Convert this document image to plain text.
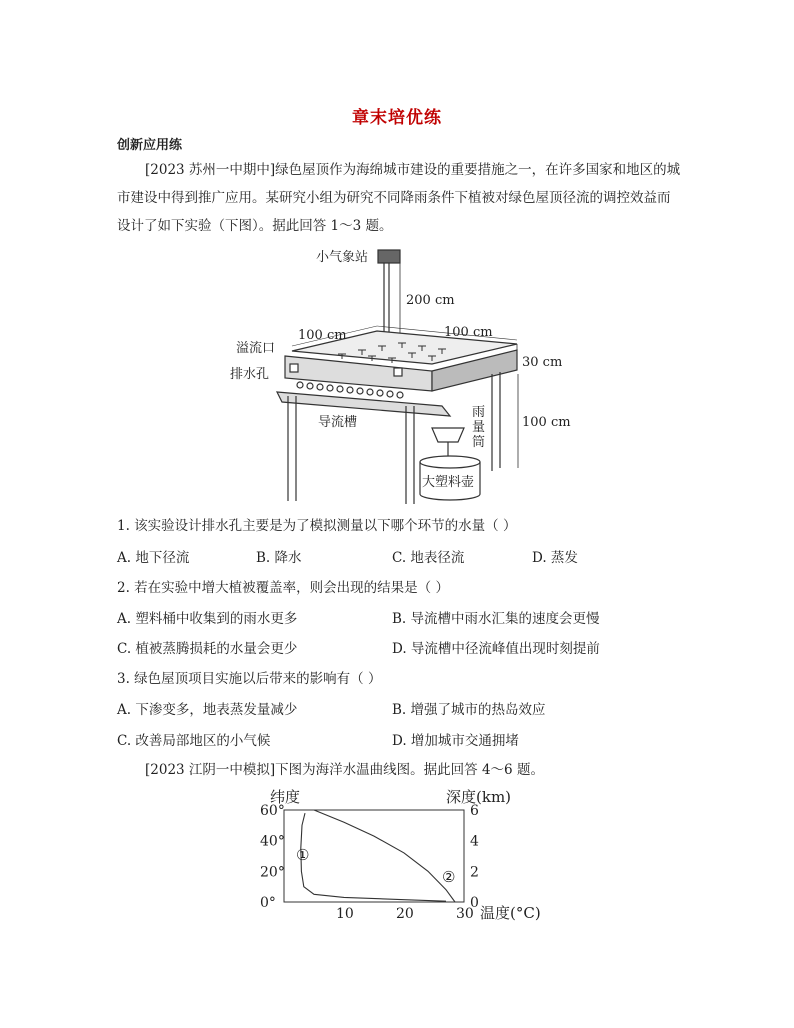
章末培优练
创新应用练
[2023 苏州一中期中]绿色屋顶作为海绵城市建设的重要措施之一，在许多国家和地区的城
市建设中得到推广应用。某研究小组为研究不同降雨条件下植被对绿色屋顶径流的调控效益而
设计了如下实验（下图）。据此回答 1～3 题。
小气象站
200 cm
100 cm	100 cm
30 cm
100 cm
溢流口
排水孔
导流槽
雨
量
筒
大塑料壶
1. 该实验设计排水孔主要是为了模拟测量以下哪个环节的水量（ ）
A. 地下径流	B. 降水	C. 地表径流	D. 蒸发
2. 若在实验中增大植被覆盖率，则会出现的结果是（ ）
A. 塑料桶中收集到的雨水更多	B. 导流槽中雨水汇集的速度会更慢
C. 植被蒸腾损耗的水量会更少	D. 导流槽中径流峰值出现时刻提前
3. 绿色屋顶项目实施以后带来的影响有（ ）
A. 下渗变多，地表蒸发量减少	B. 增强了城市的热岛效应
C. 改善局部地区的小气候	D. 增加城市交通拥堵
[2023 江阴一中模拟]下图为海洋水温曲线图。据此回答 4～6 题。
0°
20°
40°
60°
0
2
4
6
10	20	30
①
②
纬度	深度(km)
温度(°C)
